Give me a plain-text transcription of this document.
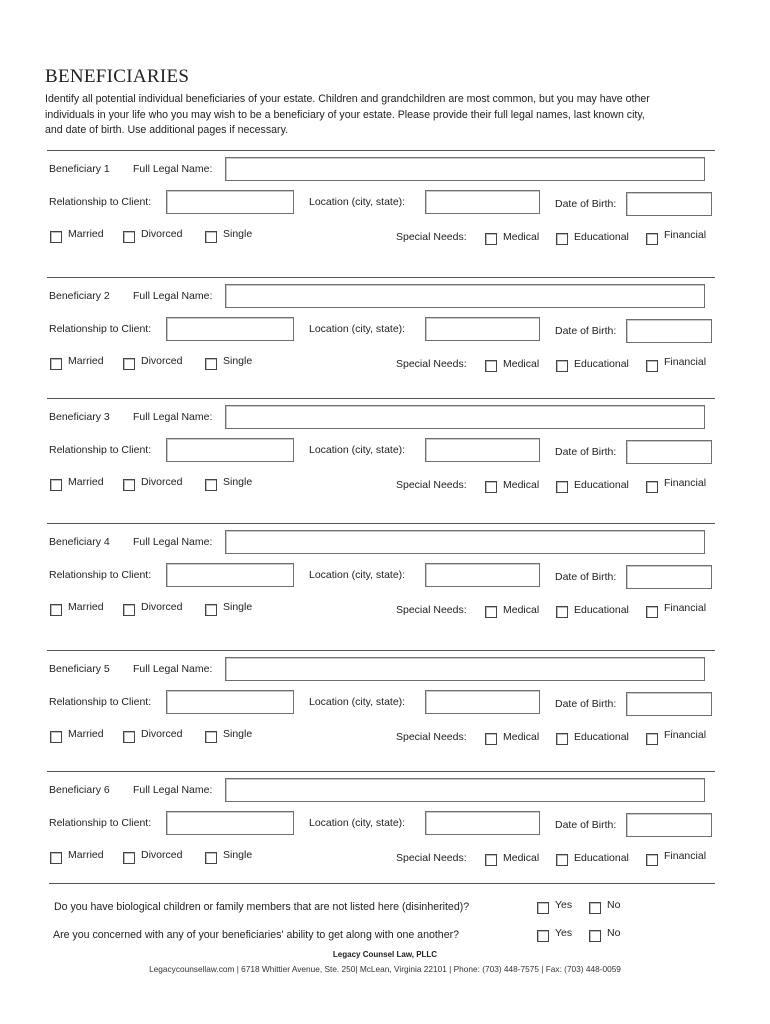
BENEFICIARIES

Identify all potential individual beneficiaries of your estate. Children and grandchildren are most common, but you may have other

individuals in your life who you may wish to be a beneficiary of your estate. Please provide their full legal names, last known city,

and date of birth. Use additional pages if necessary.

Beneficiary 1 Full Legal Name:
Relationship to Client:	Location (city, state):	Date of Birth:
Married	Divorced	Single	Special Needs:	Medical	Educational	Financial
Beneficiary 2 Full Legal Name:
Relationship to Client:	Location (city, state):	Date of Birth:
Married	Divorced	Single	Special Needs:	Medical	Educational	Financial
Beneficiary 3 Full Legal Name:
Relationship to Client:	Location (city, state):	Date of Birth:
Married	Divorced	Single	Special Needs:	Medical	Educational	Financial
Beneficiary 4 Full Legal Name:
Relationship to Client:	Location (city, state):	Date of Birth:
Married	Divorced	Single	Special Needs:	Medical	Educational	Financial
Beneficiary 5 Full Legal Name:
Relationship to Client:	Location (city, state):	Date of Birth:
Married	Divorced	Single	Special Needs:	Medical	Educational	Financial
Beneficiary 6 Full Legal Name:
Relationship to Client:	Location (city, state):	Date of Birth:
Married	Divorced	Single	Special Needs:	Medical	Educational	Financial
Do you have biological children or family members that are not listed here (disinherited)?	Yes	No
Are you concerned with any of your beneficiaries' ability to get along with one another?	Yes	No
Legacy Counsel Law, PLLC
Legacycounsellaw.com | 6718 Whittier Avenue, Ste. 250| McLean, Virginia 22101 | Phone: (703) 448-7575 | Fax: (703) 448-0059
